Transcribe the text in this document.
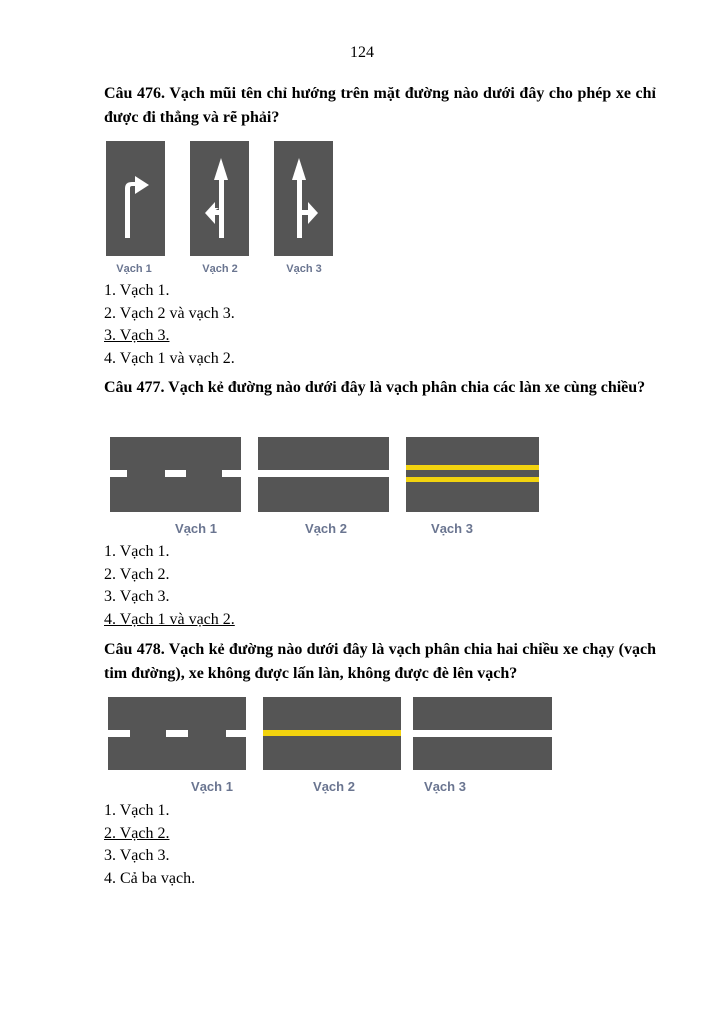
124
Câu 476. Vạch mũi tên chỉ hướng trên mặt đường nào dưới đây cho phép xe chỉ được đi thẳng và rẽ phải?
Vạch 1	Vạch 2	Vạch 3
1. Vạch 1.
2. Vạch 2 và vạch 3.
3. Vạch 3.
4. Vạch 1 và vạch 2.
Câu 477. Vạch kẻ đường nào dưới đây là vạch phân chia các làn xe cùng chiều?
Vạch 1	Vạch 2	Vạch 3
1. Vạch 1.
2. Vạch 2.
3. Vạch 3.
4. Vạch 1 và vạch 2.
Câu 478. Vạch kẻ đường nào dưới đây là vạch phân chia hai chiều xe chạy (vạch tim đường), xe không được lấn làn, không được đè lên vạch?
Vạch 1	Vạch 2	Vạch 3
1. Vạch 1.
2. Vạch 2.
3. Vạch 3.
4. Cả ba vạch.
